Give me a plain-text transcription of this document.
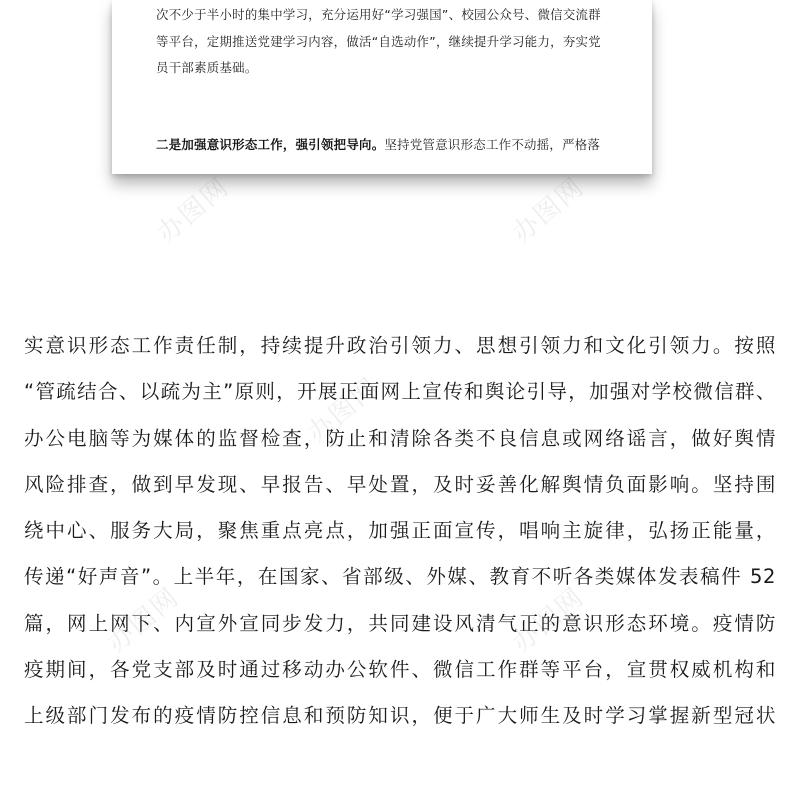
办图网	办图网
办图网
办图网	办图网

次不少于半小时的集中学习，充分运用好“学习强国”、校园公众号、微信交流群
等平台，定期推送党建学习内容，做活“自选动作”，继续提升学习能力，夯实党
员干部素质基础。

二是加强意识形态工作，强引领把导向。坚持党管意识形态工作不动摇，严格落

实意识形态工作责任制，持续提升政治引领力、思想引领力和文化引领力。按照
“管疏结合、以疏为主”原则，开展正面网上宣传和舆论引导，加强对学校微信群、
办公电脑等为媒体的监督检查，防止和清除各类不良信息或网络谣言，做好舆情
风险排查，做到早发现、早报告、早处置，及时妥善化解舆情负面影响。坚持围
绕中心、服务大局，聚焦重点亮点，加强正面宣传，唱响主旋律，弘扬正能量，
传递“好声音”。上半年，在国家、省部级、外媒、教育不听各类媒体发表稿件 52
篇，网上网下、内宣外宣同步发力，共同建设风清气正的意识形态环境。疫情防
疫期间，各党支部及时通过移动办公软件、微信工作群等平台，宣贯权威机构和
上级部门发布的疫情防控信息和预防知识，便于广大师生及时学习掌握新型冠状
